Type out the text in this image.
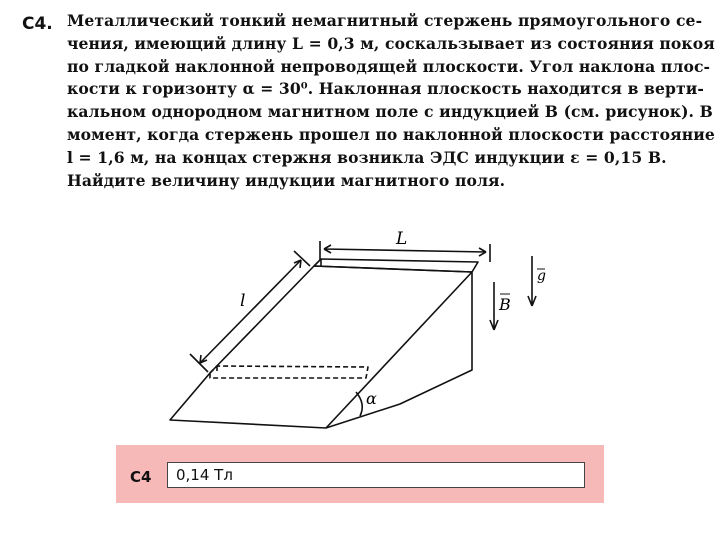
С4. Металлический тонкий немагнитный стержень прямоугольного се-
чения, имеющий длину L = 0,3 м, соскальзывает из состояния покоя
по гладкой наклонной непроводящей плоскости. Угол наклона плос-
кости к горизонту α = 30⁰. Наклонная плоскость находится в верти-
кальном однородном магнитном поле с индукцией B (см. рисунок). В
момент, когда стержень прошел по наклонной плоскости расстояние
l = 1,6 м, на концах стержня возникла ЭДС индукции ε = 0,15 В.
Найдите величину индукции магнитного поля.
L
l	B
g
α
С4	0,14 Тл
